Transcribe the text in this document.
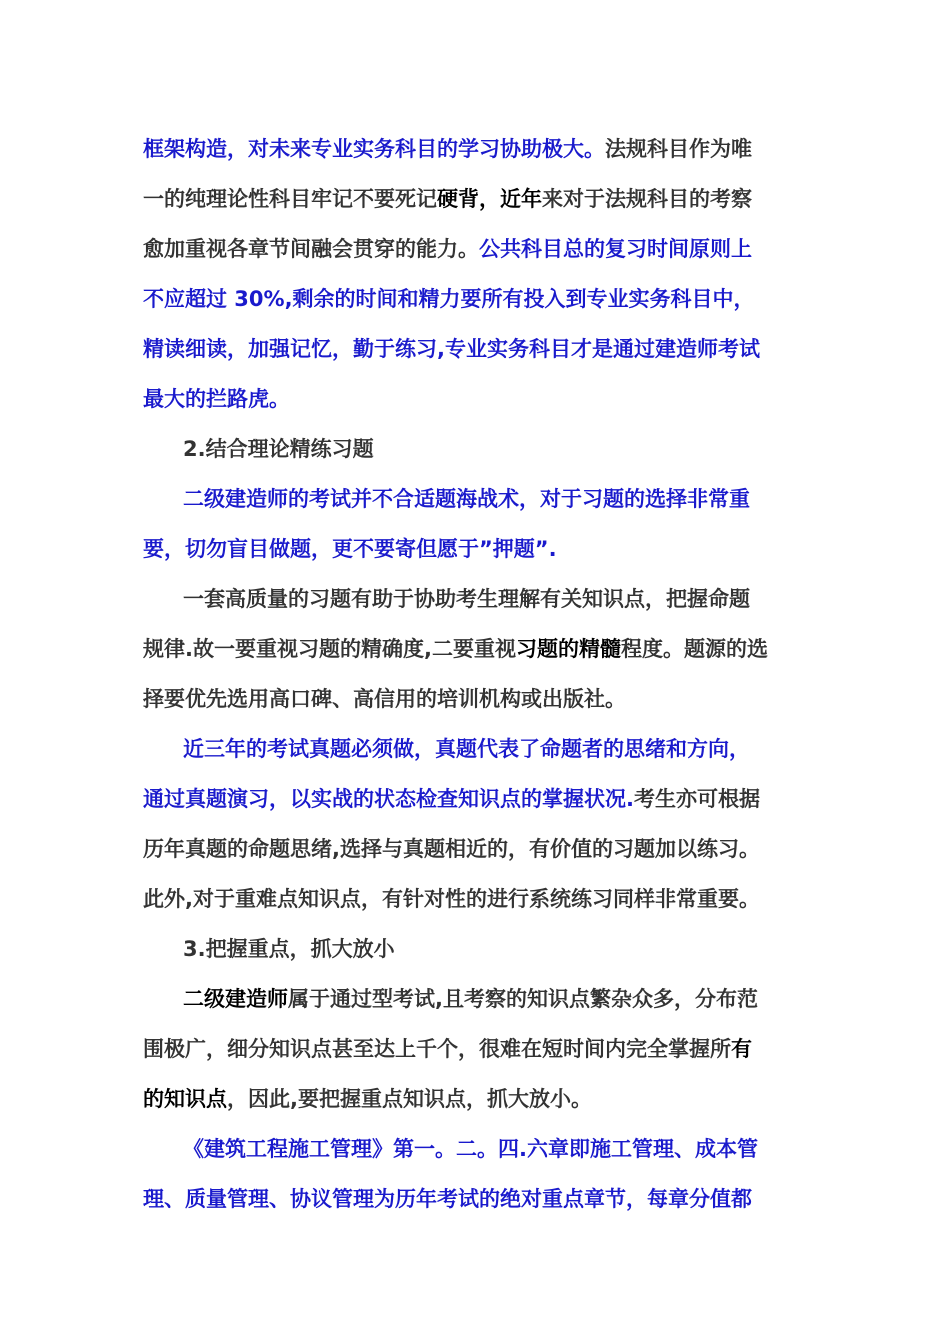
框架构造，对未来专业实务科目的学习协助极大。法规科目作为唯
一的纯理论性科目牢记不要死记硬背，近年来对于法规科目的考察
愈加重视各章节间融会贯穿的能力。公共科目总的复习时间原则上
不应超过 30%,剩余的时间和精力要所有投入到专业实务科目中，
精读细读，加强记忆，勤于练习,专业实务科目才是通过建造师考试
最大的拦路虎。
2.结合理论精练习题
二级建造师的考试并不合适题海战术，对于习题的选择非常重
要，切勿盲目做题，更不要寄但愿于”押题”.
一套高质量的习题有助于协助考生理解有关知识点，把握命题
规律.故一要重视习题的精确度,二要重视习题的精髓程度。题源的选
择要优先选用高口碑、高信用的培训机构或出版社。
近三年的考试真题必须做，真题代表了命题者的思绪和方向，
通过真题演习，以实战的状态检查知识点的掌握状况.考生亦可根据
历年真题的命题思绪,选择与真题相近的，有价值的习题加以练习。
此外,对于重难点知识点，有针对性的进行系统练习同样非常重要。
3.把握重点，抓大放小
二级建造师属于通过型考试,且考察的知识点繁杂众多，分布范
围极广，细分知识点甚至达上千个，很难在短时间内完全掌握所有
的知识点，因此,要把握重点知识点，抓大放小。
《建筑工程施工管理》第一。二。四.六章即施工管理、成本管
理、质量管理、协议管理为历年考试的绝对重点章节，每章分值都
